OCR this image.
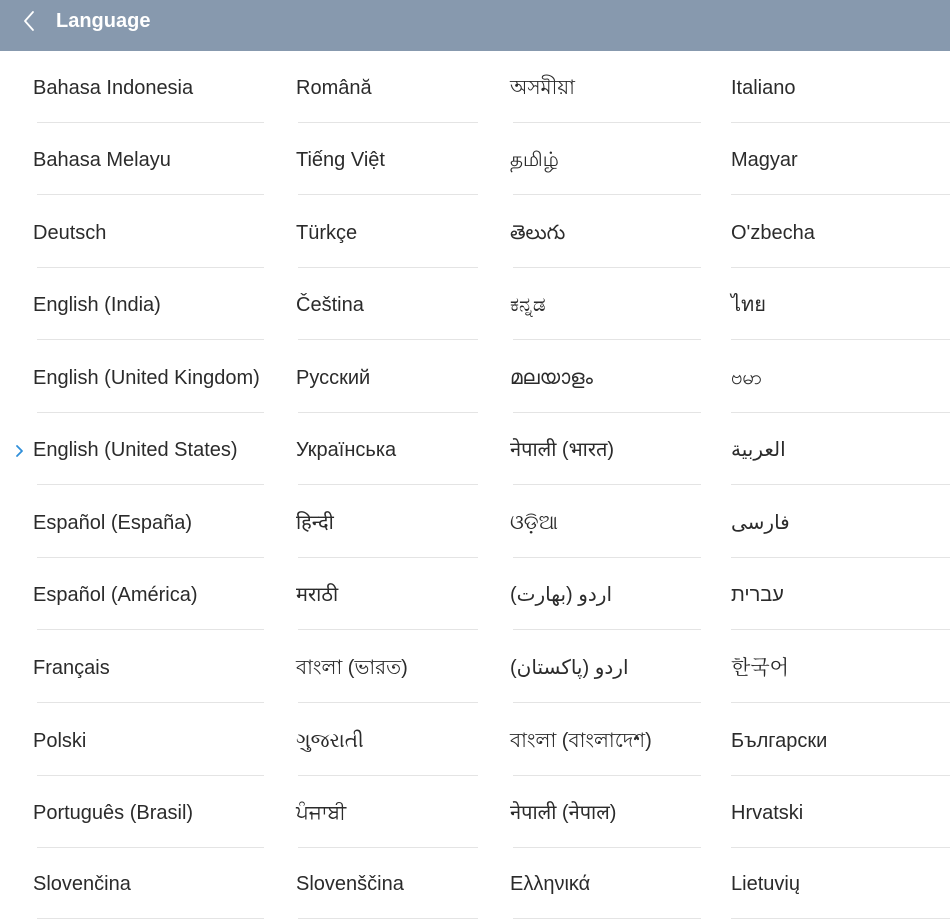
Language
Bahasa Indonesia
Bahasa Melayu
Deutsch
English (India)
English (United Kingdom)
English (United States)
Español (España)
Español (América)
Français
Polski
Português (Brasil)
Slovenčina
Română
Tiếng Việt
Türkçe
Čeština
Русский
Українська
हिन्दी
मराठी
বাংলা (ভারত)
ગુજરાતી
ਪੰਜਾਬੀ
Slovenščina
অসমীয়া
தமிழ்
తెలుగు
ಕನ್ನಡ
മലയാളം
नेपाली (भारत)
ଓଡ଼ିଆ
اردو (بھارت)
اردو (پاکستان)
বাংলা (বাংলাদেশ)
नेपाली (नेपाल)
Ελληνικά
Italiano
Magyar
O'zbecha
ไทย
ဗမာ
العربية
فارسی
עברית
한국어
Български
Hrvatski
Lietuvių
